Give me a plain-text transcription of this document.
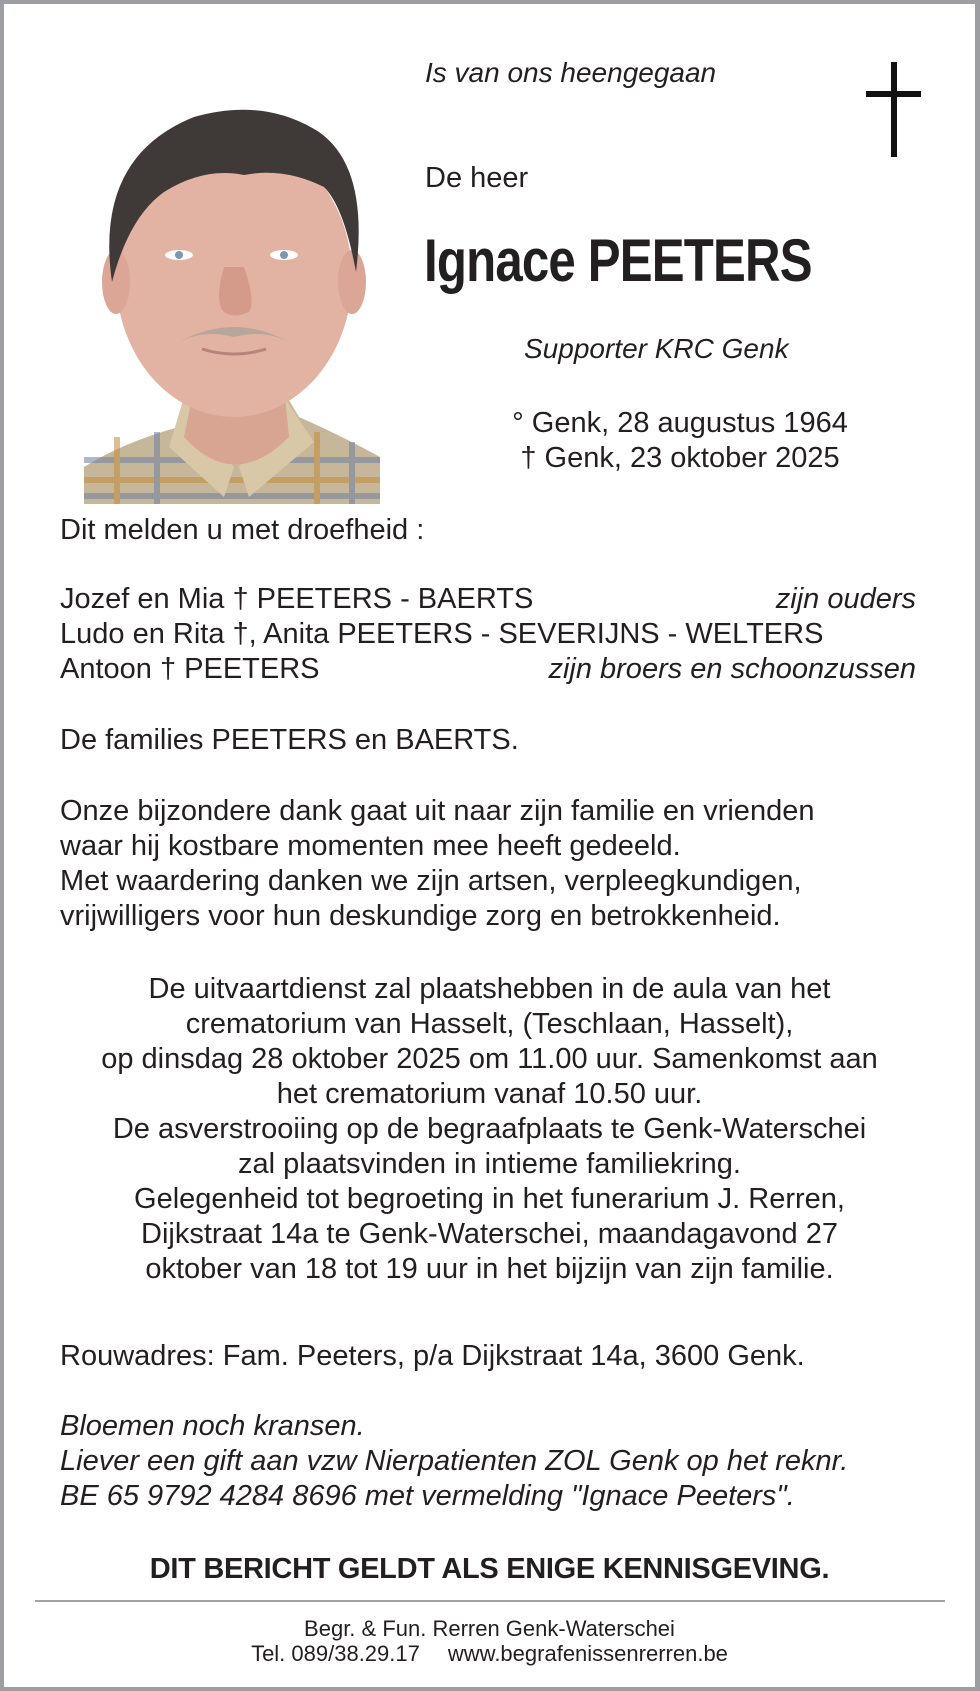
Is van ons heengegaan
De heer
Ignace PEETERS
Supporter KRC Genk
° Genk, 28 augustus 1964
† Genk, 23 oktober 2025
Dit melden u met droefheid :
Jozef en Mia † PEETERS - BAERTS	zijn ouders
Ludo en Rita †, Anita PEETERS - SEVERIJNS - WELTERS
Antoon † PEETERS	zijn broers en schoonzussen
De families PEETERS en BAERTS.
Onze bijzondere dank gaat uit naar zijn familie en vrienden
waar hij kostbare momenten mee heeft gedeeld.
Met waardering danken we zijn artsen, verpleegkundigen,
vrijwilligers voor hun deskundige zorg en betrokkenheid.
De uitvaartdienst zal plaatshebben in de aula van het
crematorium van Hasselt, (Teschlaan, Hasselt),
op dinsdag 28 oktober 2025 om 11.00 uur. Samenkomst aan
het crematorium vanaf 10.50 uur.
De asverstrooiing op de begraafplaats te Genk-Waterschei
zal plaatsvinden in intieme familiekring.
Gelegenheid tot begroeting in het funerarium J. Rerren,
Dijkstraat 14a te Genk-Waterschei, maandagavond 27
oktober van 18 tot 19 uur in het bijzijn van zijn familie.
Rouwadres: Fam. Peeters, p/a Dijkstraat 14a, 3600 Genk.
Bloemen noch kransen.
Liever een gift aan vzw Nierpatienten ZOL Genk op het reknr.
BE 65 9792 4284 8696 met vermelding "Ignace Peeters".
DIT BERICHT GELDT ALS ENIGE KENNISGEVING.
Begr. & Fun. Rerren Genk-Waterschei
Tel. 089/38.29.17 www.begrafenissenrerren.be
